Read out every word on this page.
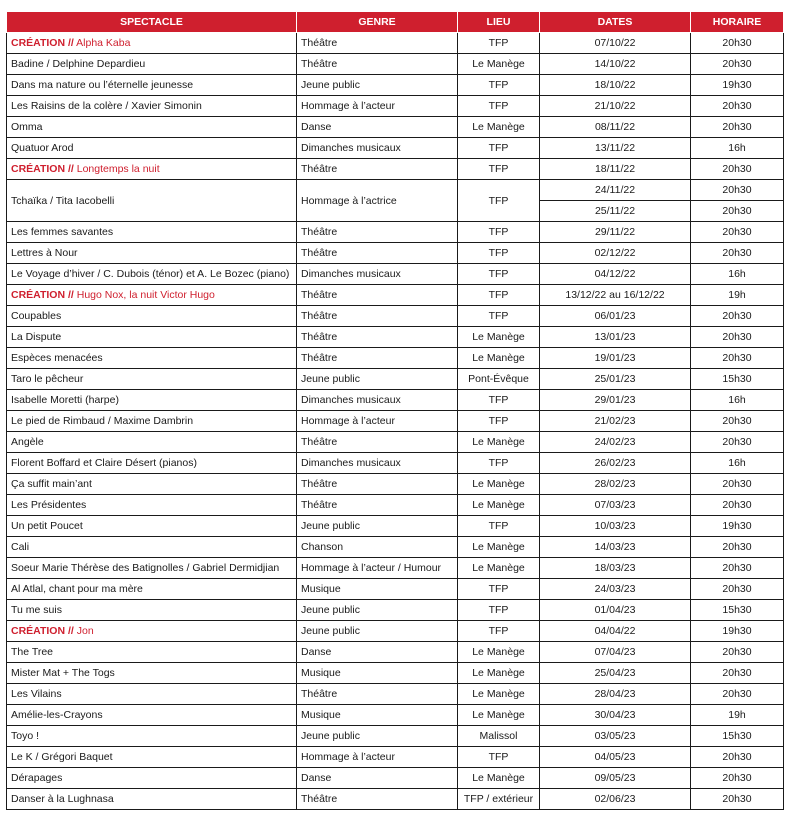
SPECTACLE	GENRE	LIEU	DATES	HORAIRE
CRÉATION // Alpha Kaba	Théâtre	TFP	07/10/22	20h30
Badine / Delphine Depardieu	Théâtre	Le Manège	14/10/22	20h30
Dans ma nature ou l’éternelle jeunesse	Jeune public	TFP	18/10/22	19h30
Les Raisins de la colère / Xavier Simonin	Hommage à l’acteur	TFP	21/10/22	20h30
Omma	Danse	Le Manège	08/11/22	20h30
Quatuor Arod	Dimanches musicaux	TFP	13/11/22	16h
CRÉATION // Longtemps la nuit	Théâtre	TFP	18/11/22	20h30
Tchaïka / Tita Iacobelli	Hommage à l’actrice	TFP	24/11/22	20h30
			25/11/22	20h30
Les femmes savantes	Théâtre	TFP	29/11/22	20h30
Lettres à Nour	Théâtre	TFP	02/12/22	20h30
Le Voyage d’hiver / C. Dubois (ténor) et A. Le Bozec (piano)	Dimanches musicaux	TFP	04/12/22	16h
CRÉATION // Hugo Nox, la nuit Victor Hugo	Théâtre	TFP	13/12/22 au 16/12/22	19h
Coupables	Théâtre	TFP	06/01/23	20h30
La Dispute	Théâtre	Le Manège	13/01/23	20h30
Espèces menacées	Théâtre	Le Manège	19/01/23	20h30
Taro le pêcheur	Jeune public	Pont-Évêque	25/01/23	15h30
Isabelle Moretti (harpe)	Dimanches musicaux	TFP	29/01/23	16h
Le pied de Rimbaud / Maxime Dambrin	Hommage à l’acteur	TFP	21/02/23	20h30
Angèle	Théâtre	Le Manège	24/02/23	20h30
Florent Boffard et Claire Désert (pianos)	Dimanches musicaux	TFP	26/02/23	16h
Ça suffit main’ant	Théâtre	Le Manège	28/02/23	20h30
Les Présidentes	Théâtre	Le Manège	07/03/23	20h30
Un petit Poucet	Jeune public	TFP	10/03/23	19h30
Cali	Chanson	Le Manège	14/03/23	20h30
Soeur Marie Thérèse des Batignolles / Gabriel Dermidjian	Hommage à l’acteur / Humour	Le Manège	18/03/23	20h30
Al Atlal, chant pour ma mère	Musique	TFP	24/03/23	20h30
Tu me suis	Jeune public	TFP	01/04/23	15h30
CRÉATION // Jon	Jeune public	TFP	04/04/22	19h30
The Tree	Danse	Le Manège	07/04/23	20h30
Mister Mat + The Togs	Musique	Le Manège	25/04/23	20h30
Les Vilains	Théâtre	Le Manège	28/04/23	20h30
Amélie-les-Crayons	Musique	Le Manège	30/04/23	19h
Toyo !	Jeune public	Malissol	03/05/23	15h30
Le K / Grégori Baquet	Hommage à l’acteur	TFP	04/05/23	20h30
Dérapages	Danse	Le Manège	09/05/23	20h30
Danser à la Lughnasa	Théâtre	TFP / extérieur	02/06/23	20h30
